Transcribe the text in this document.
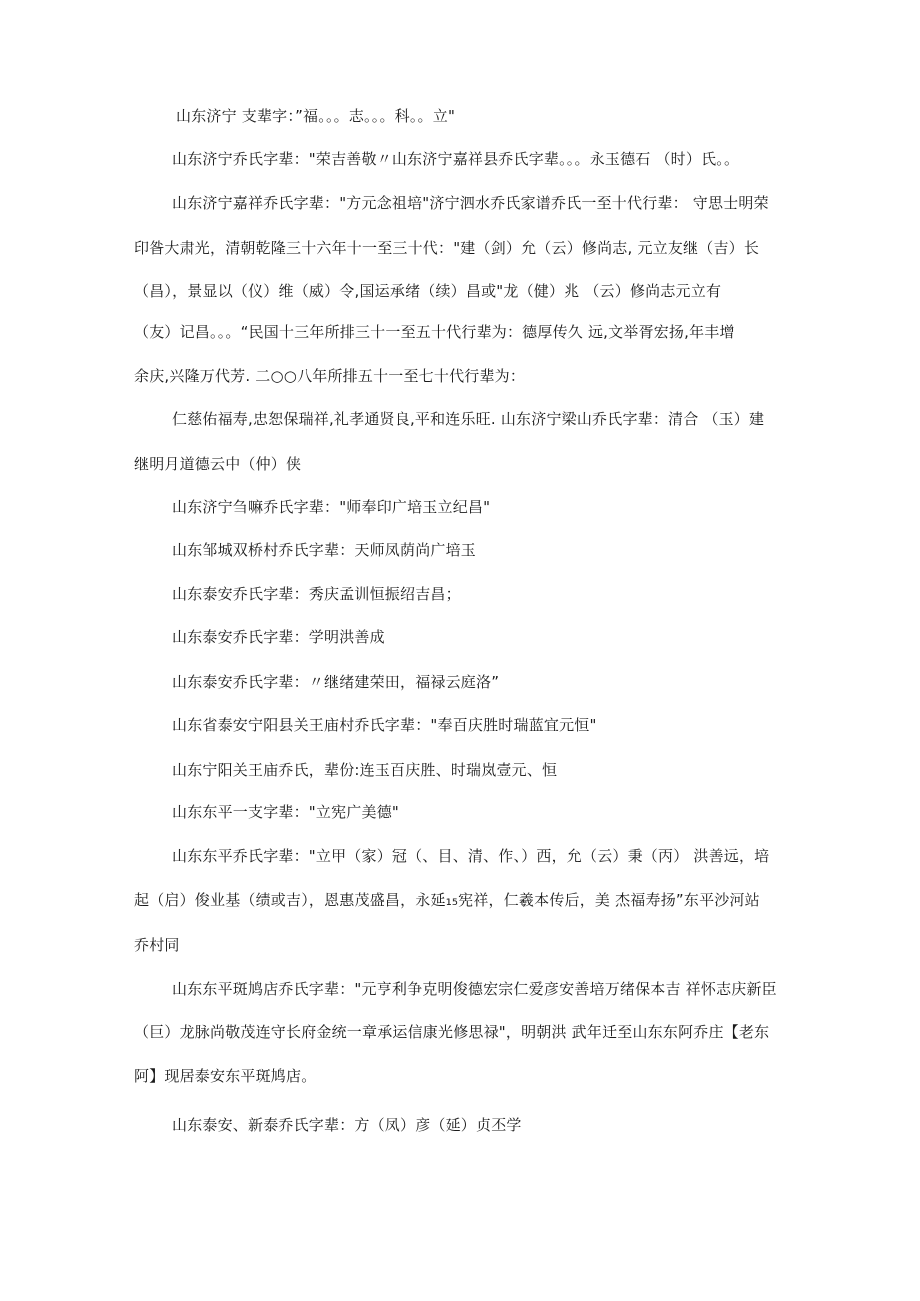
山东济宁 支辈字：”福。。。志。。。科。。立"
山东济宁乔氏字辈："荣吉善敬〃山东济宁嘉祥县乔氏字辈。。。永玉德石 （时）氏。。
山东济宁嘉祥乔氏字辈："方元念祖培"济宁泗水乔氏家谱乔氏一至十代行辈： 守思士明荣
印昝大肃光，清朝乾隆三十六年十一至三十代："建（剑）允（云）修尚志, 元立友继（吉）长
（昌），景显以（仪）维（威）令,国运承绪（续）昌或"龙（健）兆 （云）修尚志元立有
（友）记昌。。。“民国十三年所排三十一至五十代行辈为：德厚传久 远,文举胥宏扬,年丰增
余庆,兴隆万代芳. 二○○八年所排五十一至七十代行辈为：
仁慈佑福寿,忠恕保瑞祥,礼孝通贤良,平和连乐旺. 山东济宁梁山乔氏字辈：清合 （玉）建
继明月道德云中（仲）侠
山东济宁刍嘛乔氏字辈："师奉印广培玉立纪昌"
山东邹城双桥村乔氏字辈：天师凤荫尚广培玉
山东泰安乔氏字辈：秀庆孟训恒振绍吉昌；
山东泰安乔氏字辈：学明洪善成
山东泰安乔氏字辈：〃继绪建荣田，福禄云庭洛”
山东省泰安宁阳县关王庙村乔氏字辈："奉百庆胜时瑞蓝宜元恒"
山东宁阳关王庙乔氏，辈份:连玉百庆胜、时瑞岚壹元、恒
山东东平一支字辈："立宪广美德"
山东东平乔氏字辈："立甲（家）冠（、目、清、作、）西，允（云）秉（丙） 洪善远，培
起（启）俊业基（绩或吉），恩惠茂盛昌，永延₁₅宪祥，仁羲本传后，美 杰福寿扬”东平沙河站
乔村同
山东东平斑鸠店乔氏字辈："元亨利争克明俊德宏宗仁爱彦安善培万绪保本吉 祥怀志庆新臣
（巨）龙脉尚敬茂连守长府金统一章承运信康光修思禄"，明朝洪 武年迁至山东东阿乔庄【老东
阿】现居泰安东平斑鸠店。
山东泰安、新泰乔氏字辈：方（凤）彦（延）贞丕学
